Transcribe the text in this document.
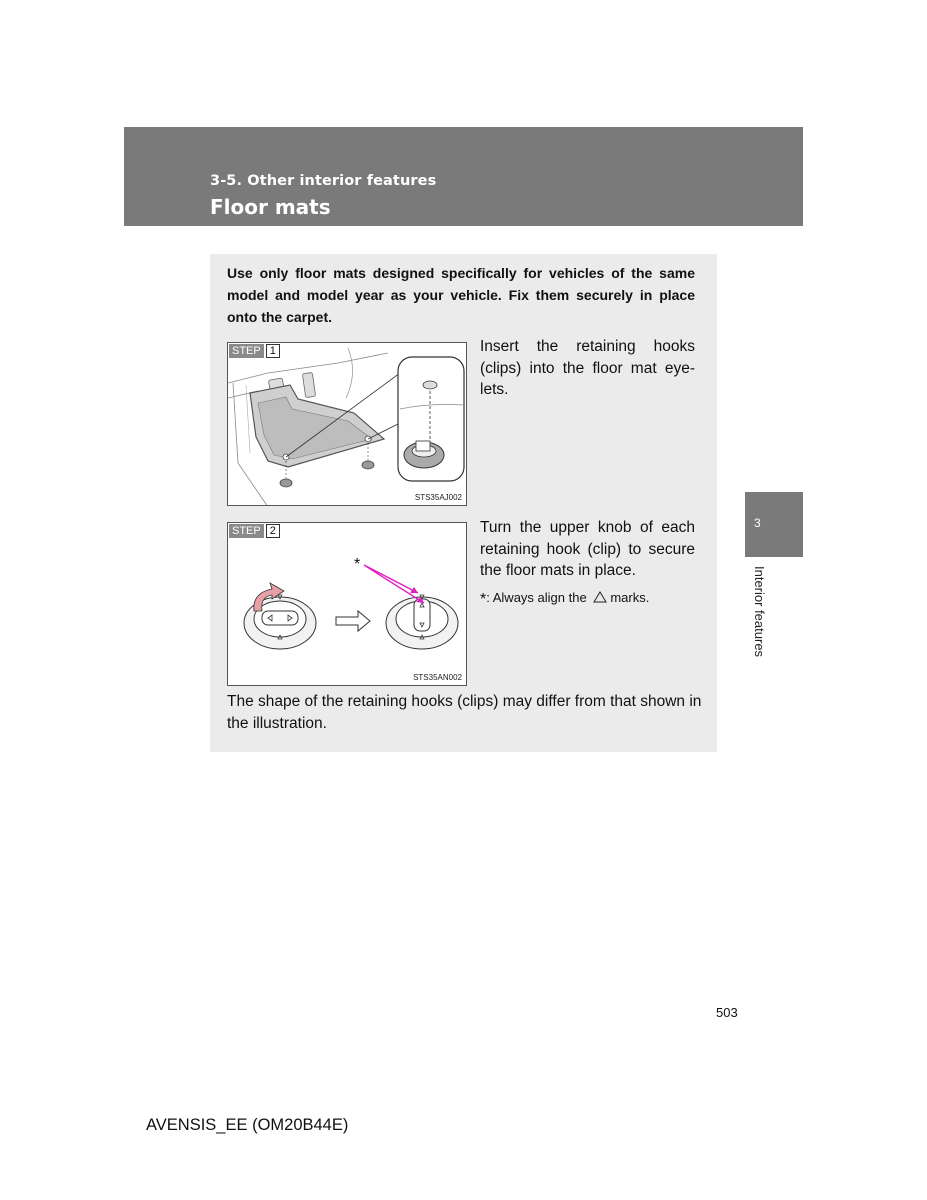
3-5. Other interior features
Floor mats
Use only floor mats designed specifically for vehicles of the same model and model year as your vehicle. Fix them securely in place onto the carpet.
STEP 1
STS35AJ002
Insert the retaining hooks (clips) into the floor mat eye-lets.
STEP 2
*
STS35AN002
Turn the upper knob of each retaining hook (clip) to secure the floor mats in place.
*: Always align the marks.
The shape of the retaining hooks (clips) may differ from that shown in the illustration.
3
Interior features
503
AVENSIS_EE (OM20B44E)
